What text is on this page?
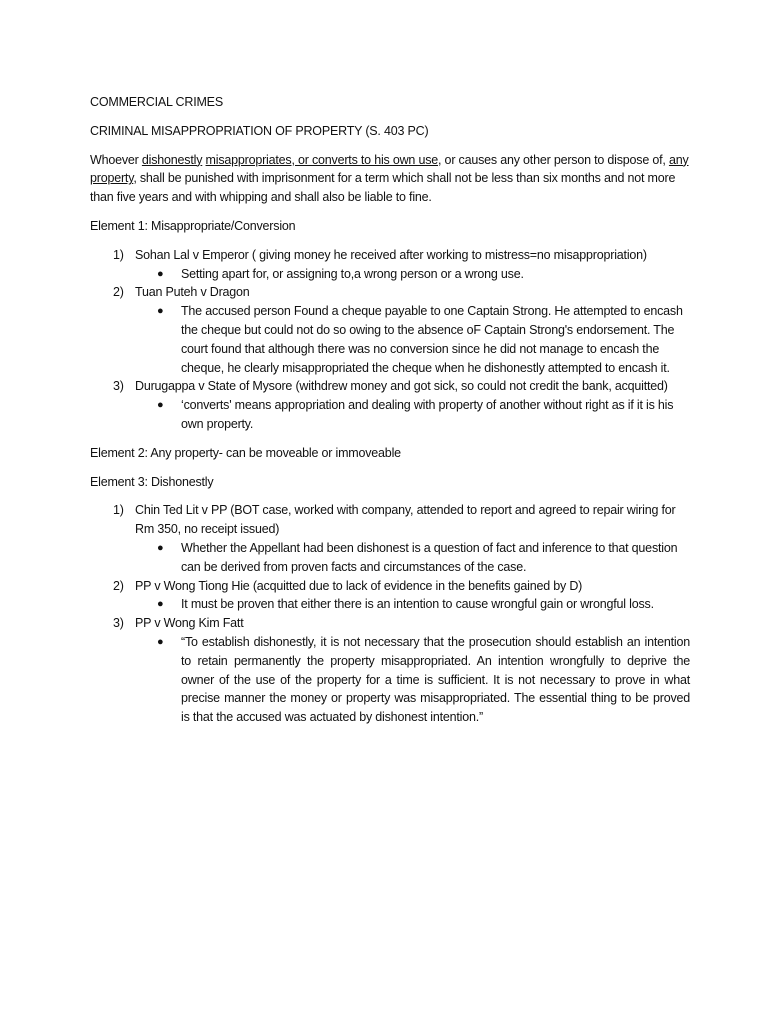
COMMERCIAL CRIMES

CRIMINAL MISAPPROPRIATION OF PROPERTY (S. 403 PC)

Whoever dishonestly misappropriates, or converts to his own use, or causes any other person to dispose of, any property, shall be punished with imprisonment for a term which shall not be less than six months and not more than five years and with whipping and shall also be liable to fine.

Element 1: Misappropriate/Conversion

1) Sohan Lal v Emperor ( giving money he received after working to mistress=no misappropriation)
● Setting apart for, or assigning to,a wrong person or a wrong use.
2) Tuan Puteh v Dragon
● The accused person Found a cheque payable to one Captain Strong. He attempted to encash the cheque but could not do so owing to the absence oF Captain Strong's endorsement. The court found that although there was no conversion since he did not manage to encash the cheque, he clearly misappropriated the cheque when he dishonestly attempted to encash it.
3) Durugappa v State of Mysore (withdrew money and got sick, so could not credit the bank, acquitted)
● ‘converts' means appropriation and dealing with property of another without right as if it is his own property.

Element 2: Any property- can be moveable or immoveable

Element 3: Dishonestly

1) Chin Ted Lit v PP (BOT case, worked with company, attended to report and agreed to repair wiring for Rm 350, no receipt issued)
● Whether the Appellant had been dishonest is a question of fact and inference to that question can be derived from proven facts and circumstances of the case.
2) PP v Wong Tiong Hie (acquitted due to lack of evidence in the benefits gained by D)
● It must be proven that either there is an intention to cause wrongful gain or wrongful loss.
3) PP v Wong Kim Fatt
● “To establish dishonestly, it is not necessary that the prosecution should establish an intention to retain permanently the property misappropriated. An intention wrongfully to deprive the owner of the use of the property for a time is sufficient. It is not necessary to prove in what precise manner the money or property was misappropriated. The essential thing to be proved is that the accused was actuated by dishonest intention.”
